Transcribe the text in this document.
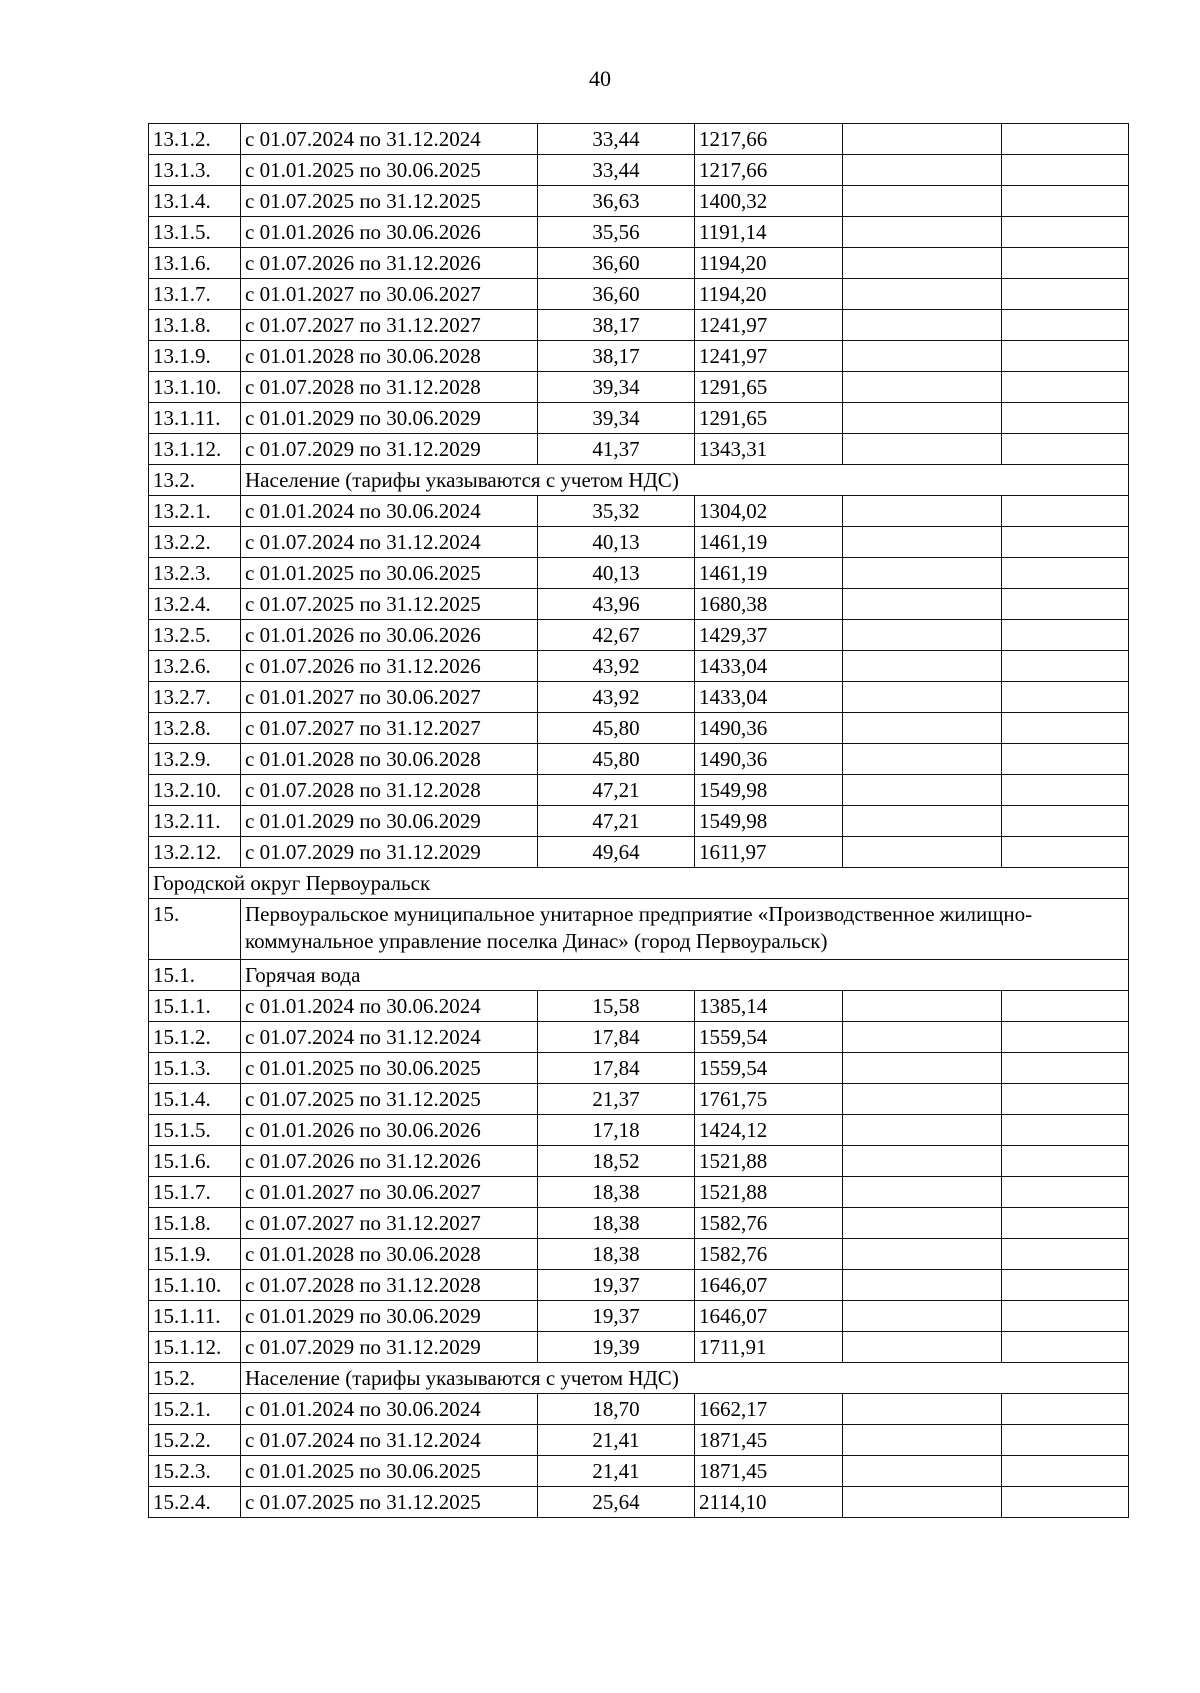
40
13.1.2.	с 01.07.2024 по 31.12.2024	33,44	1217,66		
13.1.3.	с 01.01.2025 по 30.06.2025	33,44	1217,66		
13.1.4.	с 01.07.2025 по 31.12.2025	36,63	1400,32		
13.1.5.	с 01.01.2026 по 30.06.2026	35,56	1191,14		
13.1.6.	с 01.07.2026 по 31.12.2026	36,60	1194,20		
13.1.7.	с 01.01.2027 по 30.06.2027	36,60	1194,20		
13.1.8.	с 01.07.2027 по 31.12.2027	38,17	1241,97		
13.1.9.	с 01.01.2028 по 30.06.2028	38,17	1241,97		
13.1.10.	с 01.07.2028 по 31.12.2028	39,34	1291,65		
13.1.11.	с 01.01.2029 по 30.06.2029	39,34	1291,65		
13.1.12.	с 01.07.2029 по 31.12.2029	41,37	1343,31		
13.2.	Население (тарифы указываются с учетом НДС)				
13.2.1.	с 01.01.2024 по 30.06.2024	35,32	1304,02		
13.2.2.	с 01.07.2024 по 31.12.2024	40,13	1461,19		
13.2.3.	с 01.01.2025 по 30.06.2025	40,13	1461,19		
13.2.4.	с 01.07.2025 по 31.12.2025	43,96	1680,38		
13.2.5.	с 01.01.2026 по 30.06.2026	42,67	1429,37		
13.2.6.	с 01.07.2026 по 31.12.2026	43,92	1433,04		
13.2.7.	с 01.01.2027 по 30.06.2027	43,92	1433,04		
13.2.8.	с 01.07.2027 по 31.12.2027	45,80	1490,36		
13.2.9.	с 01.01.2028 по 30.06.2028	45,80	1490,36		
13.2.10.	с 01.07.2028 по 31.12.2028	47,21	1549,98		
13.2.11.	с 01.01.2029 по 30.06.2029	47,21	1549,98		
13.2.12.	с 01.07.2029 по 31.12.2029	49,64	1611,97		
Городской округ Первоуральск					
15.	Первоуральское муниципальное унитарное предприятие «Производственное жилищно-коммунальное управление поселка Динас» (город Первоуральск)				
15.1.	Горячая вода				
15.1.1.	с 01.01.2024 по 30.06.2024	15,58	1385,14		
15.1.2.	с 01.07.2024 по 31.12.2024	17,84	1559,54		
15.1.3.	с 01.01.2025 по 30.06.2025	17,84	1559,54		
15.1.4.	с 01.07.2025 по 31.12.2025	21,37	1761,75		
15.1.5.	с 01.01.2026 по 30.06.2026	17,18	1424,12		
15.1.6.	с 01.07.2026 по 31.12.2026	18,52	1521,88		
15.1.7.	с 01.01.2027 по 30.06.2027	18,38	1521,88		
15.1.8.	с 01.07.2027 по 31.12.2027	18,38	1582,76		
15.1.9.	с 01.01.2028 по 30.06.2028	18,38	1582,76		
15.1.10.	с 01.07.2028 по 31.12.2028	19,37	1646,07		
15.1.11.	с 01.01.2029 по 30.06.2029	19,37	1646,07		
15.1.12.	с 01.07.2029 по 31.12.2029	19,39	1711,91		
15.2.	Население (тарифы указываются с учетом НДС)				
15.2.1.	с 01.01.2024 по 30.06.2024	18,70	1662,17		
15.2.2.	с 01.07.2024 по 31.12.2024	21,41	1871,45		
15.2.3.	с 01.01.2025 по 30.06.2025	21,41	1871,45		
15.2.4.	с 01.07.2025 по 31.12.2025	25,64	2114,10		
